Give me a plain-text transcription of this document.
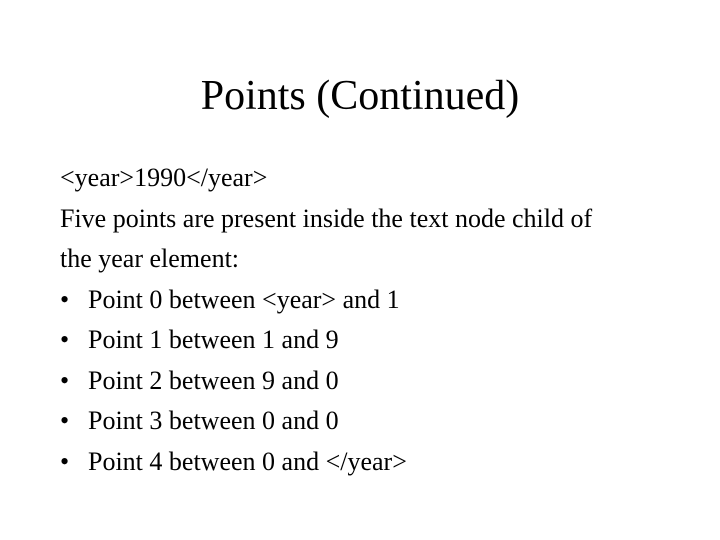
Points (Continued)
<year>1990</year>
Five points are present inside the text node child of
the year element:
• Point 0 between <year> and 1
• Point 1 between 1 and 9
• Point 2 between 9 and 0
• Point 3 between 0 and 0
• Point 4 between 0 and </year>
